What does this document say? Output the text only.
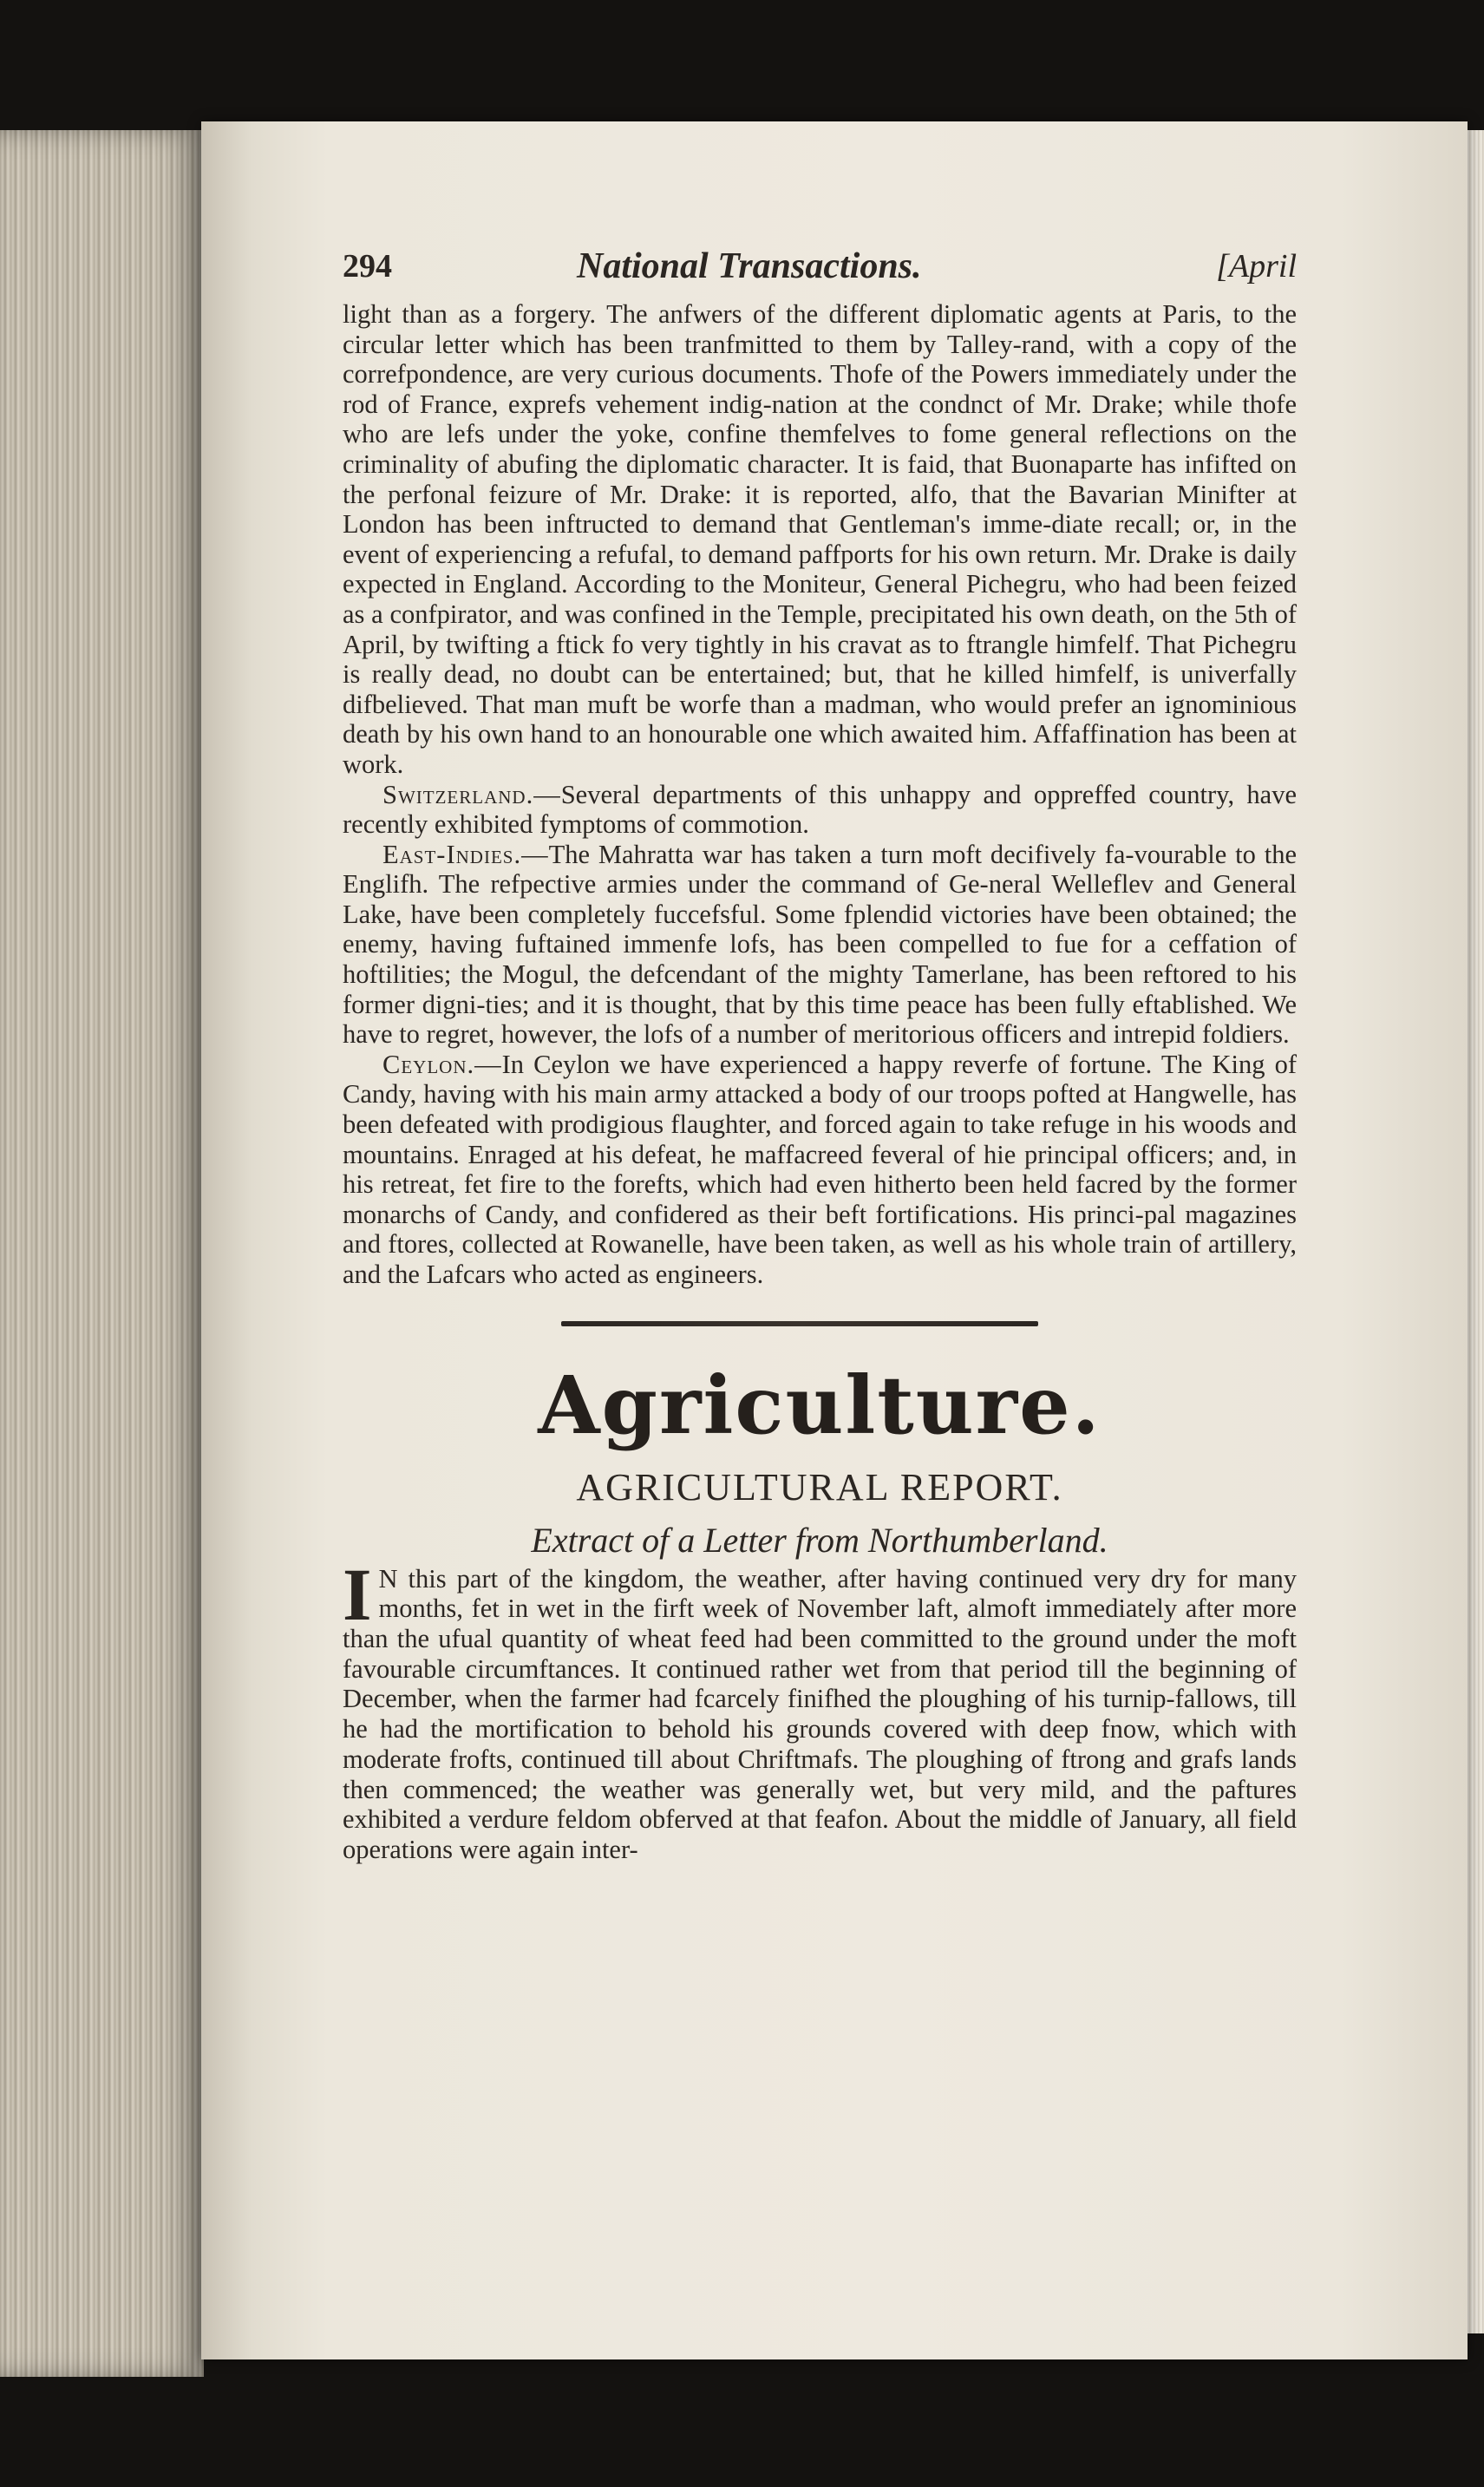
294	National Transactions.	[April

light than as a forgery. The anfwers of the different diplomatic agents at Paris, to the circular letter which has been tranfmitted to them by Talley-rand, with a copy of the correfpondence, are very curious documents. Thofe of the Powers immediately under the rod of France, exprefs vehement indig-nation at the condnct of Mr. Drake; while thofe who are lefs under the yoke, confine themfelves to fome general reflections on the criminality of abufing the diplomatic character. It is faid, that Buonaparte has infifted on the perfonal feizure of Mr. Drake: it is reported, alfo, that the Bavarian Minifter at London has been inftructed to demand that Gentleman's imme-diate recall; or, in the event of experiencing a refufal, to demand paffports for his own return. Mr. Drake is daily expected in England. According to the Moniteur, General Pichegru, who had been feized as a confpirator, and was confined in the Temple, precipitated his own death, on the 5th of April, by twifting a ftick fo very tightly in his cravat as to ftrangle himfelf. That Pichegru is really dead, no doubt can be entertained; but, that he killed himfelf, is univerfally difbelieved. That man muft be worfe than a madman, who would prefer an ignominious death by his own hand to an honourable one which awaited him. Affaffination has been at work.

Switzerland.—Several departments of this unhappy and oppreffed country, have recently exhibited fymptoms of commotion.

East-Indies.—The Mahratta war has taken a turn moft decifively fa-vourable to the Englifh. The refpective armies under the command of Ge-neral Welleflev and General Lake, have been completely fuccefsful. Some fplendid victories have been obtained; the enemy, having fuftained immenfe lofs, has been compelled to fue for a ceffation of hoftilities; the Mogul, the defcendant of the mighty Tamerlane, has been reftored to his former digni-ties; and it is thought, that by this time peace has been fully eftablished. We have to regret, however, the lofs of a number of meritorious officers and intrepid foldiers.

Ceylon.—In Ceylon we have experienced a happy reverfe of fortune. The King of Candy, having with his main army attacked a body of our troops pofted at Hangwelle, has been defeated with prodigious flaughter, and forced again to take refuge in his woods and mountains. Enraged at his defeat, he maffacreed feveral of hie principal officers; and, in his retreat, fet fire to the forefts, which had even hitherto been held facred by the former monarchs of Candy, and confidered as their beft fortifications. His princi-pal magazines and ftores, collected at Rowanelle, have been taken, as well as his whole train of artillery, and the Lafcars who acted as engineers.

Agriculture.
AGRICULTURAL REPORT.
Extract of a Letter from Northumberland.

I N this part of the kingdom, the weather, after having continued very dry for many months, fet in wet in the firft week of November laft, almoft immediately after more than the ufual quantity of wheat feed had been committed to the ground under the moft favourable circumftances. It continued rather wet from that period till the beginning of December, when the farmer had fcarcely finifhed the ploughing of his turnip-fallows, till he had the mortification to behold his grounds covered with deep fnow, which with moderate frofts, continued till about Chriftmafs. The ploughing of ftrong and grafs lands then commenced; the weather was generally wet, but very mild, and the paftures exhibited a verdure feldom obferved at that feafon. About the middle of January, all field operations were again inter-
